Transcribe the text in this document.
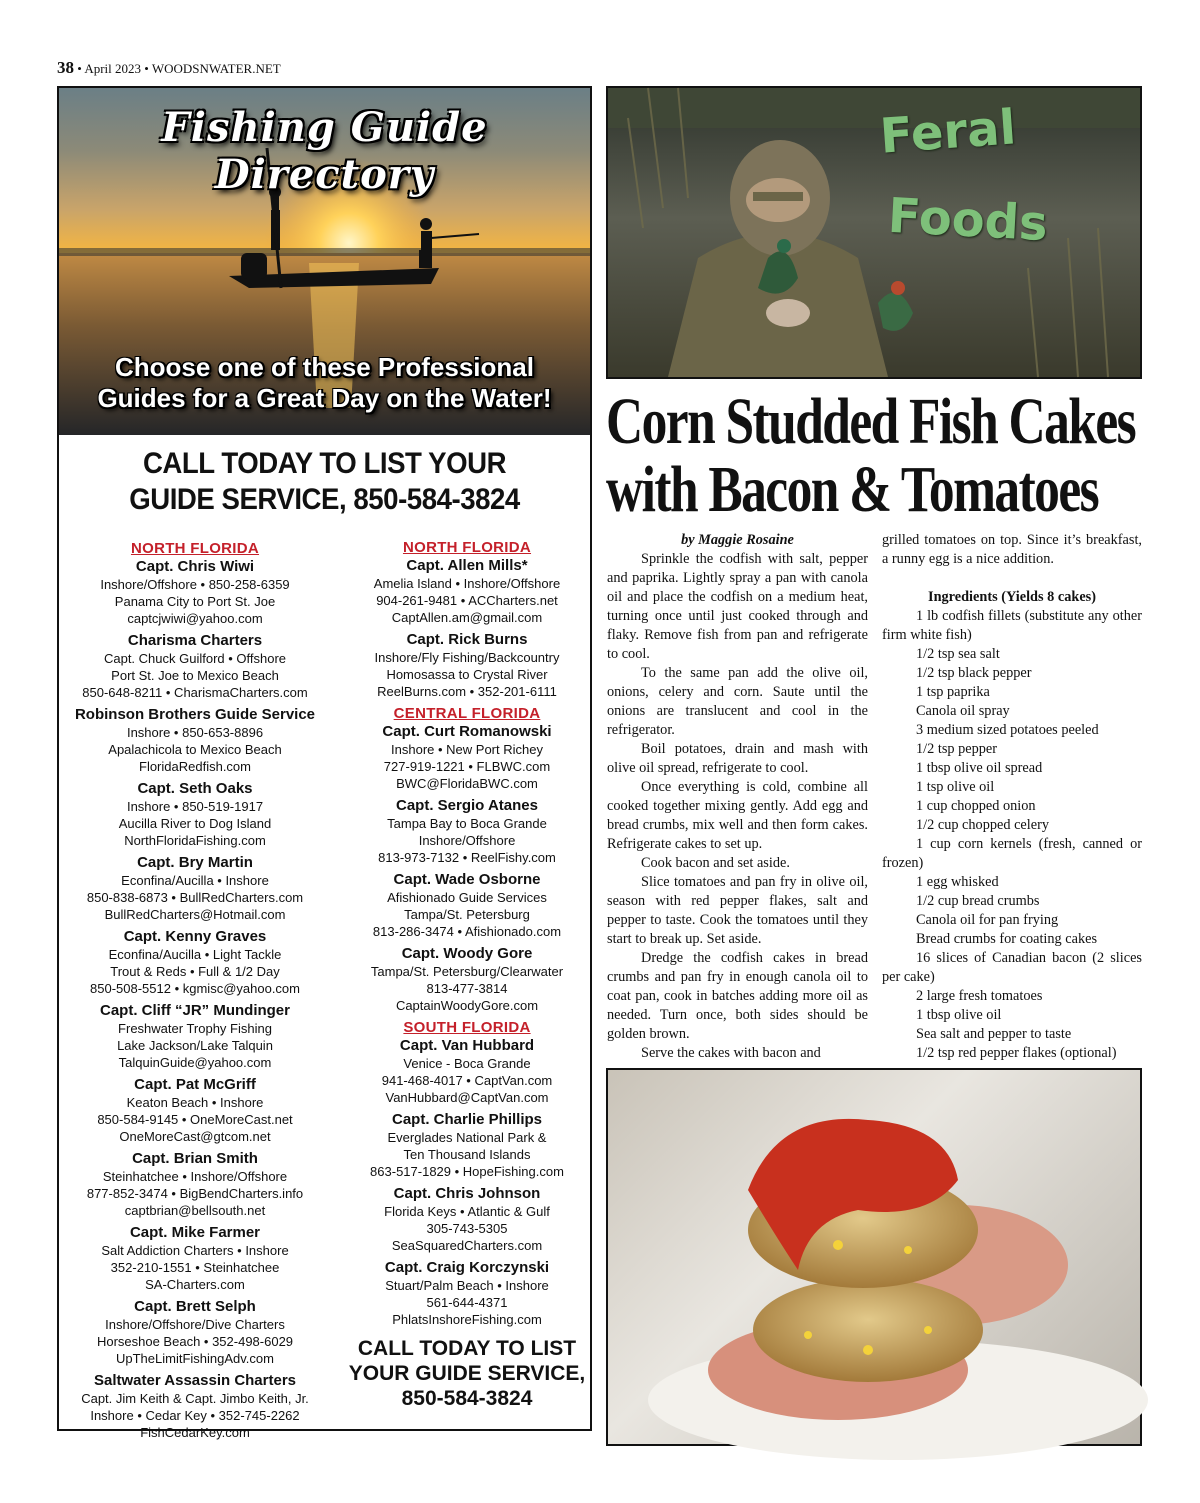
38 • April 2023 • WOODSNWATER.NET
Fishing Guide Directory
Choose one of these Professional
Guides for a Great Day on the Water!
CALL TODAY TO LIST YOUR
GUIDE SERVICE, 850-584-3824
NORTH FLORIDA
Capt. Chris Wiwi
Inshore/Offshore • 850-258-6359
Panama City to Port St. Joe
captcjwiwi@yahoo.com
Charisma Charters
Capt. Chuck Guilford • Offshore
Port St. Joe to Mexico Beach
850-648-8211 • CharismaCharters.com
Robinson Brothers Guide Service
Inshore • 850-653-8896
Apalachicola to Mexico Beach
FloridaRedfish.com
Capt. Seth Oaks
Inshore • 850-519-1917
Aucilla River to Dog Island
NorthFloridaFishing.com
Capt. Bry Martin
Econfina/Aucilla • Inshore
850-838-6873 • BullRedCharters.com
BullRedCharters@Hotmail.com
Capt. Kenny Graves
Econfina/Aucilla • Light Tackle
Trout & Reds • Full & 1/2 Day
850-508-5512 • kgmisc@yahoo.com
Capt. Cliff “JR” Mundinger
Freshwater Trophy Fishing
Lake Jackson/Lake Talquin
TalquinGuide@yahoo.com
Capt. Pat McGriff
Keaton Beach • Inshore
850-584-9145 • OneMoreCast.net
OneMoreCast@gtcom.net
Capt. Brian Smith
Steinhatchee • Inshore/Offshore
877-852-3474 • BigBendCharters.info
captbrian@bellsouth.net
Capt. Mike Farmer
Salt Addiction Charters • Inshore
352-210-1551 • Steinhatchee
SA-Charters.com
Capt. Brett Selph
Inshore/Offshore/Dive Charters
Horseshoe Beach • 352-498-6029
UpTheLimitFishingAdv.com
Saltwater Assassin Charters
Capt. Jim Keith & Capt. Jimbo Keith, Jr.
Inshore • Cedar Key • 352-745-2262
FishCedarKey.com
NORTH FLORIDA
Capt. Allen Mills*
Amelia Island • Inshore/Offshore
904-261-9481 • ACCharters.net
CaptAllen.am@gmail.com
Capt. Rick Burns
Inshore/Fly Fishing/Backcountry
Homosassa to Crystal River
ReelBurns.com • 352-201-6111
CENTRAL FLORIDA
Capt. Curt Romanowski
Inshore • New Port Richey
727-919-1221 • FLBWC.com
BWC@FloridaBWC.com
Capt. Sergio Atanes
Tampa Bay to Boca Grande
Inshore/Offshore
813-973-7132 • ReelFishy.com
Capt. Wade Osborne
Afishionado Guide Services
Tampa/St. Petersburg
813-286-3474 • Afishionado.com
Capt. Woody Gore
Tampa/St. Petersburg/Clearwater
813-477-3814
CaptainWoodyGore.com
SOUTH FLORIDA
Capt. Van Hubbard
Venice - Boca Grande
941-468-4017 • CaptVan.com
VanHubbard@CaptVan.com
Capt. Charlie Phillips
Everglades National Park &
Ten Thousand Islands
863-517-1829 • HopeFishing.com
Capt. Chris Johnson
Florida Keys • Atlantic & Gulf
305-743-5305
SeaSquaredCharters.com
Capt. Craig Korczynski
Stuart/Palm Beach • Inshore
561-644-4371
PhlatsInshoreFishing.com
CALL TODAY TO LIST
YOUR GUIDE SERVICE,
850-584-3824
Feral
Foods
Corn Studded Fish Cakes
with Bacon & Tomatoes

by Maggie Rosaine

Sprinkle the codfish with salt, pepper and paprika. Lightly spray a pan with canola oil and place the codfish on a medium heat, turning once until just cooked through and flaky. Remove fish from pan and refrigerate to cool.

To the same pan add the olive oil, onions, celery and corn. Saute until the onions are translucent and cool in the refrigerator.

Boil potatoes, drain and mash with olive oil spread, refrigerate to cool.

Once everything is cold, combine all cooked together mixing gently. Add egg and bread crumbs, mix well and then form cakes. Refrigerate cakes to set up.

Cook bacon and set aside.

Slice tomatoes and pan fry in olive oil, season with red pepper flakes, salt and pepper to taste. Cook the tomatoes until they start to break up. Set aside.

Dredge the codfish cakes in bread crumbs and pan fry in enough canola oil to coat pan, cook in batches adding more oil as needed. Turn once, both sides should be golden brown.

Serve the cakes with bacon and

grilled tomatoes on top. Since it’s breakfast, a runny egg is a nice addition.

Ingredients (Yields 8 cakes)

1 lb codfish fillets (substitute any other firm white fish)

1/2 tsp sea salt

1/2 tsp black pepper

1 tsp paprika

Canola oil spray

3 medium sized potatoes peeled

1/2 tsp pepper

1 tbsp olive oil spread

1 tsp olive oil

1 cup chopped onion

1/2 cup chopped celery

1 cup corn kernels (fresh, canned or frozen)

1 egg whisked

1/2 cup bread crumbs

Canola oil for pan frying

Bread crumbs for coating cakes

16 slices of Canadian bacon (2 slices per cake)

2 large fresh tomatoes

1 tbsp olive oil

Sea salt and pepper to taste

1/2 tsp red pepper flakes (optional)
